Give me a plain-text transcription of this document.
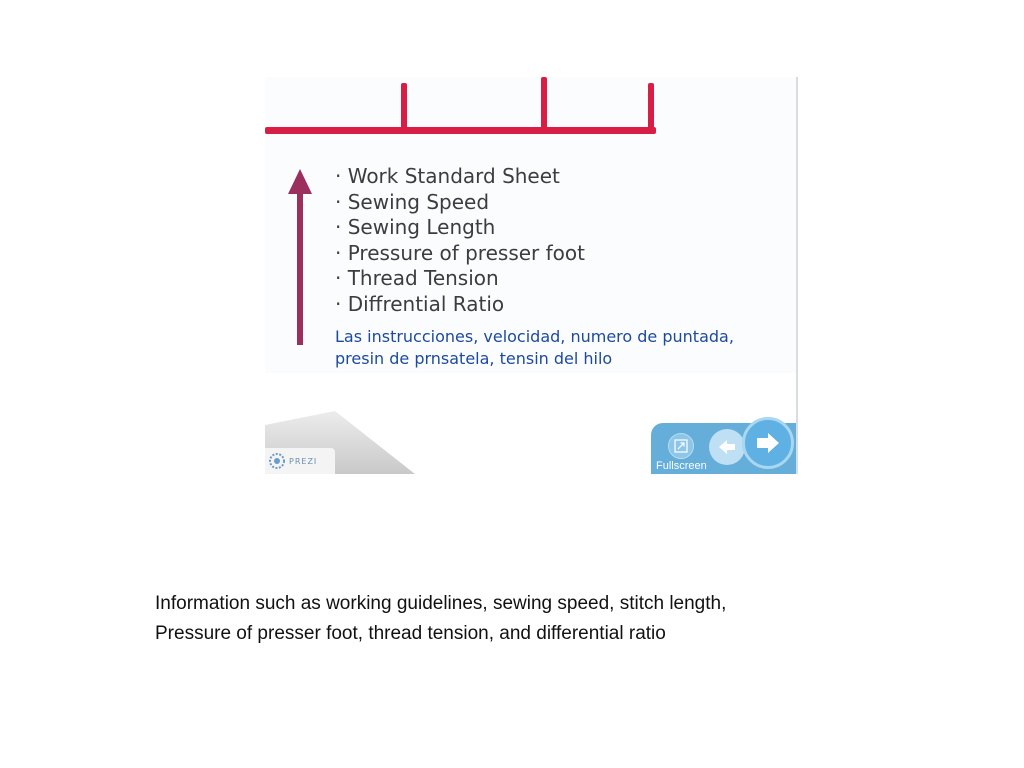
· Work Standard Sheet
· Sewing Speed
· Sewing Length
· Pressure of presser foot
· Thread Tension
· Diffrential Ratio
Las instrucciones, velocidad, numero de puntada,
presin de prnsatela, tensin del hilo
PREZI	Fullscreen
Information such as working guidelines, sewing speed, stitch length,
Pressure of presser foot, thread tension, and differential ratio
